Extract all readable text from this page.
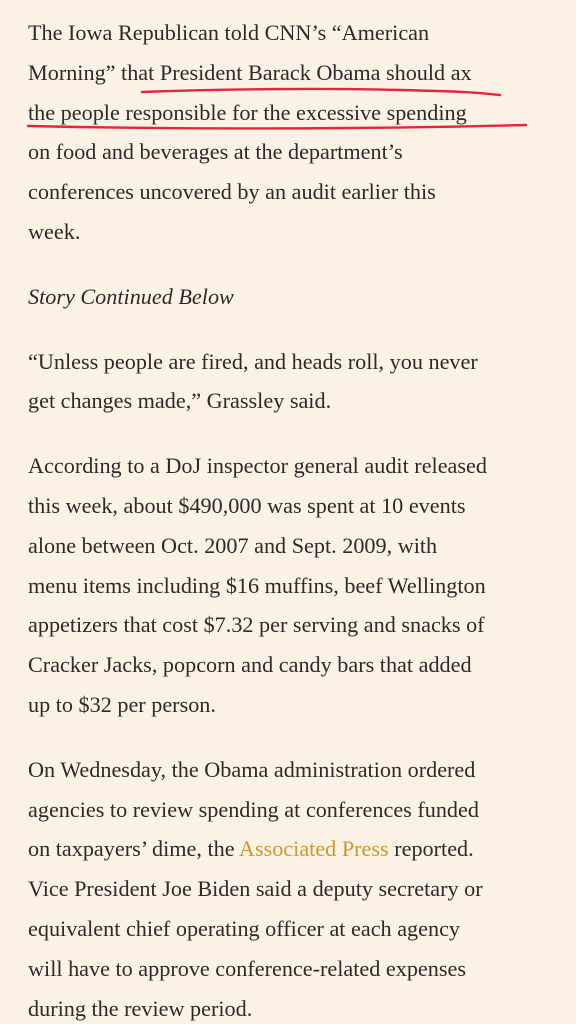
The Iowa Republican told CNN’s “American
Morning” that President Barack Obama should ax
the people responsible for the excessive spending
on food and beverages at the department’s
conferences uncovered by an audit earlier this
week.

Story Continued Below

“Unless people are fired, and heads roll, you never
get changes made,” Grassley said.

According to a DoJ inspector general audit released
this week, about $490,000 was spent at 10 events
alone between Oct. 2007 and Sept. 2009, with
menu items including $16 muffins, beef Wellington
appetizers that cost $7.32 per serving and snacks of
Cracker Jacks, popcorn and candy bars that added
up to $32 per person.

On Wednesday, the Obama administration ordered
agencies to review spending at conferences funded
on taxpayers’ dime, the Associated Press reported.
Vice President Joe Biden said a deputy secretary or
equivalent chief operating officer at each agency
will have to approve conference-related expenses
during the review period.
